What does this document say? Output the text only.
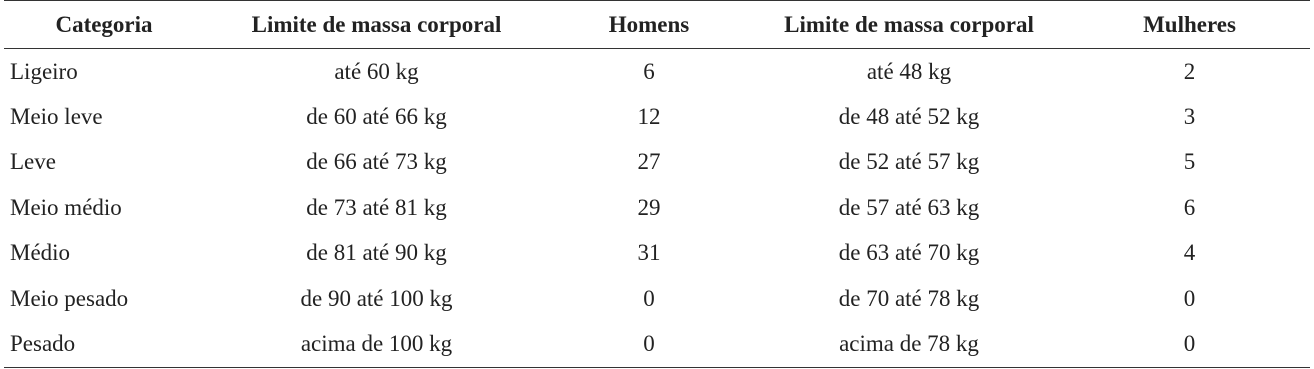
Categoria	Limite de massa corporal	Homens	Limite de massa corporal	Mulheres
Ligeiro	até 60 kg	6	até 48 kg	2
Meio leve	de 60 até 66 kg	12	de 48 até 52 kg	3
Leve	de 66 até 73 kg	27	de 52 até 57 kg	5
Meio médio	de 73 até 81 kg	29	de 57 até 63 kg	6
Médio	de 81 até 90 kg	31	de 63 até 70 kg	4
Meio pesado	de 90 até 100 kg	0	de 70 até 78 kg	0
Pesado	acima de 100 kg	0	acima de 78 kg	0
